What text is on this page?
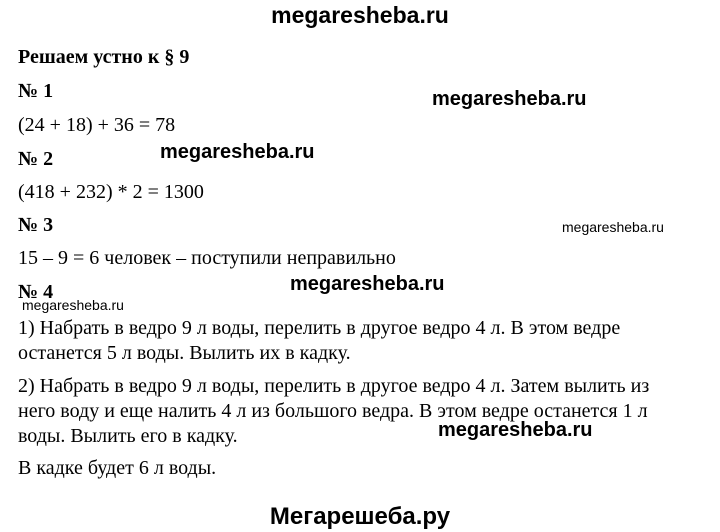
megaresheba.ru
Решаем устно к § 9
№ 1
(24 + 18) + 36 = 78
№ 2
(418 + 232) * 2 = 1300
№ 3
15 – 9 = 6 человек – поступили неправильно
№ 4
1) Набрать в ведро 9 л воды, перелить в другое ведро 4 л. В этом ведре
останется 5 л воды. Вылить их в кадку.
2) Набрать в ведро 9 л воды, перелить в другое ведро 4 л. Затем вылить из
него воду и еще налить 4 л из большого ведра. В этом ведре останется 1 л
воды. Вылить его в кадку.
В кадке будет 6 л воды.
megaresheba.ru
megaresheba.ru
megaresheba.ru
megaresheba.ru
megaresheba.ru
megaresheba.ru
Мегарешеба.ру
